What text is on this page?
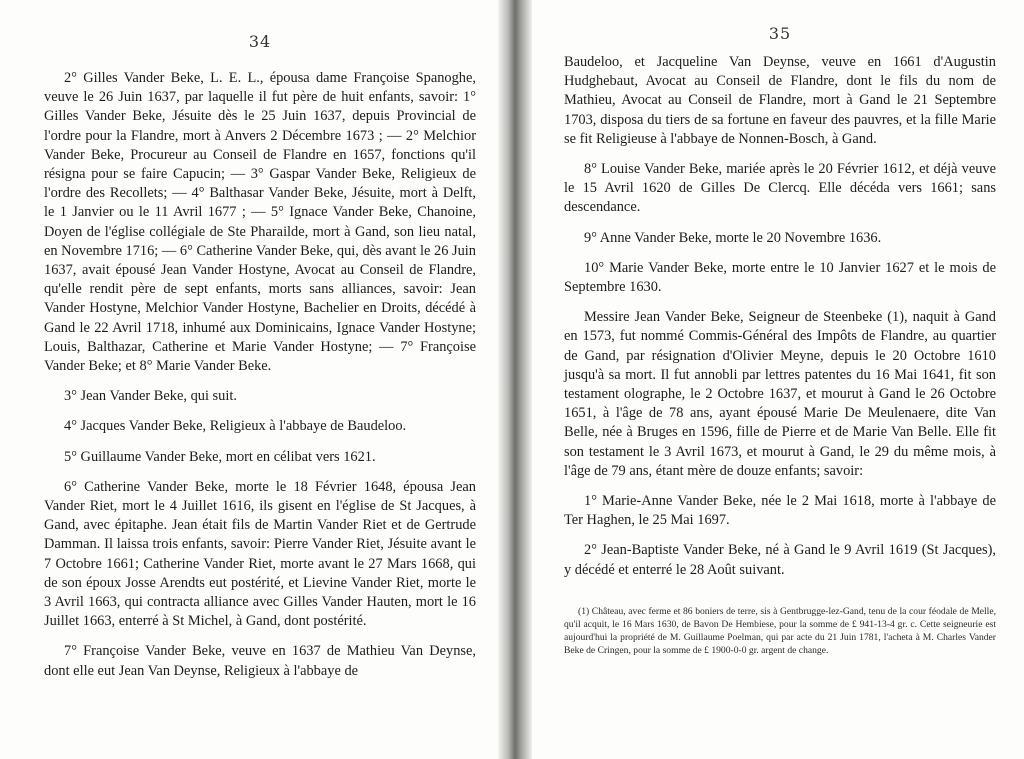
34

2° Gilles Vander Beke, L. E. L., épousa dame Françoise Spanoghe, veuve le 26 Juin 1637, par laquelle il fut père de huit enfants, savoir: 1° Gilles Vander Beke, Jésuite dès le 25 Juin 1637, depuis Provincial de l'ordre pour la Flandre, mort à Anvers 2 Décembre 1673 ; — 2° Melchior Vander Beke, Procureur au Conseil de Flandre en 1657, fonctions qu'il résigna pour se faire Capucin; — 3° Gaspar Vander Beke, Religieux de l'ordre des Recollets; — 4° Balthasar Vander Beke, Jésuite, mort à Delft, le 1 Janvier ou le 11 Avril 1677 ; — 5° Ignace Vander Beke, Chanoine, Doyen de l'église collégiale de Ste Pharailde, mort à Gand, son lieu natal, en Novembre 1716; — 6° Catherine Vander Beke, qui, dès avant le 26 Juin 1637, avait épousé Jean Vander Hostyne, Avocat au Conseil de Flandre, qu'elle rendit père de sept enfants, morts sans alliances, savoir: Jean Vander Hostyne, Melchior Vander Hostyne, Bachelier en Droits, décédé à Gand le 22 Avril 1718, inhumé aux Dominicains, Ignace Vander Hostyne; Louis, Balthazar, Catherine et Marie Vander Hostyne; — 7° Françoise Vander Beke; et 8° Marie Vander Beke.

3° Jean Vander Beke, qui suit.

4° Jacques Vander Beke, Religieux à l'abbaye de Baudeloo.

5° Guillaume Vander Beke, mort en célibat vers 1621.

6° Catherine Vander Beke, morte le 18 Février 1648, épousa Jean Vander Riet, mort le 4 Juillet 1616, ils gisent en l'église de St Jacques, à Gand, avec épitaphe. Jean était fils de Martin Vander Riet et de Gertrude Damman. Il laissa trois enfants, savoir: Pierre Vander Riet, Jésuite avant le 7 Octobre 1661; Catherine Vander Riet, morte avant le 27 Mars 1668, qui de son époux Josse Arendts eut postérité, et Lievine Vander Riet, morte le 3 Avril 1663, qui contracta alliance avec Gilles Vander Hauten, mort le 16 Juillet 1663, enterré à St Michel, à Gand, dont postérité.

7° Françoise Vander Beke, veuve en 1637 de Mathieu Van Deynse, dont elle eut Jean Van Deynse, Religieux à l'abbaye de

35

Baudeloo, et Jacqueline Van Deynse, veuve en 1661 d'Augustin Hudghebaut, Avocat au Conseil de Flandre, dont le fils du nom de Mathieu, Avocat au Conseil de Flandre, mort à Gand le 21 Septembre 1703, disposa du tiers de sa fortune en faveur des pauvres, et la fille Marie se fit Religieuse à l'abbaye de Nonnen-Bosch, à Gand.

8° Louise Vander Beke, mariée après le 20 Février 1612, et déjà veuve le 15 Avril 1620 de Gilles De Clercq. Elle décéda vers 1661; sans descendance.

9° Anne Vander Beke, morte le 20 Novembre 1636.

10° Marie Vander Beke, morte entre le 10 Janvier 1627 et le mois de Septembre 1630.

Messire Jean Vander Beke, Seigneur de Steenbeke (1), naquit à Gand en 1573, fut nommé Commis-Général des Impôts de Flandre, au quartier de Gand, par résignation d'Olivier Meyne, depuis le 20 Octobre 1610 jusqu'à sa mort. Il fut annobli par lettres patentes du 16 Mai 1641, fit son testament olographe, le 2 Octobre 1637, et mourut à Gand le 26 Octobre 1651, à l'âge de 78 ans, ayant épousé Marie De Meulenaere, dite Van Belle, née à Bruges en 1596, fille de Pierre et de Marie Van Belle. Elle fit son testament le 3 Avril 1673, et mourut à Gand, le 29 du même mois, à l'âge de 79 ans, étant mère de douze enfants; savoir:

1° Marie-Anne Vander Beke, née le 2 Mai 1618, morte à l'abbaye de Ter Haghen, le 25 Mai 1697.

2° Jean-Baptiste Vander Beke, né à Gand le 9 Avril 1619 (St Jacques), y décédé et enterré le 28 Août suivant.

(1) Château, avec ferme et 86 boniers de terre, sis à Gentbrugge-lez-Gand, tenu de la cour féodale de Melle, qu'il acquit, le 16 Mars 1630, de Bavon De Hembiese, pour la somme de £ 941-13-4 gr. c. Cette seigneurie est aujourd'hui la propriété de M. Guillaume Poelman, qui par acte du 21 Juin 1781, l'acheta à M. Charles Vander Beke de Cringen, pour la somme de £ 1900-0-0 gr. argent de change.
